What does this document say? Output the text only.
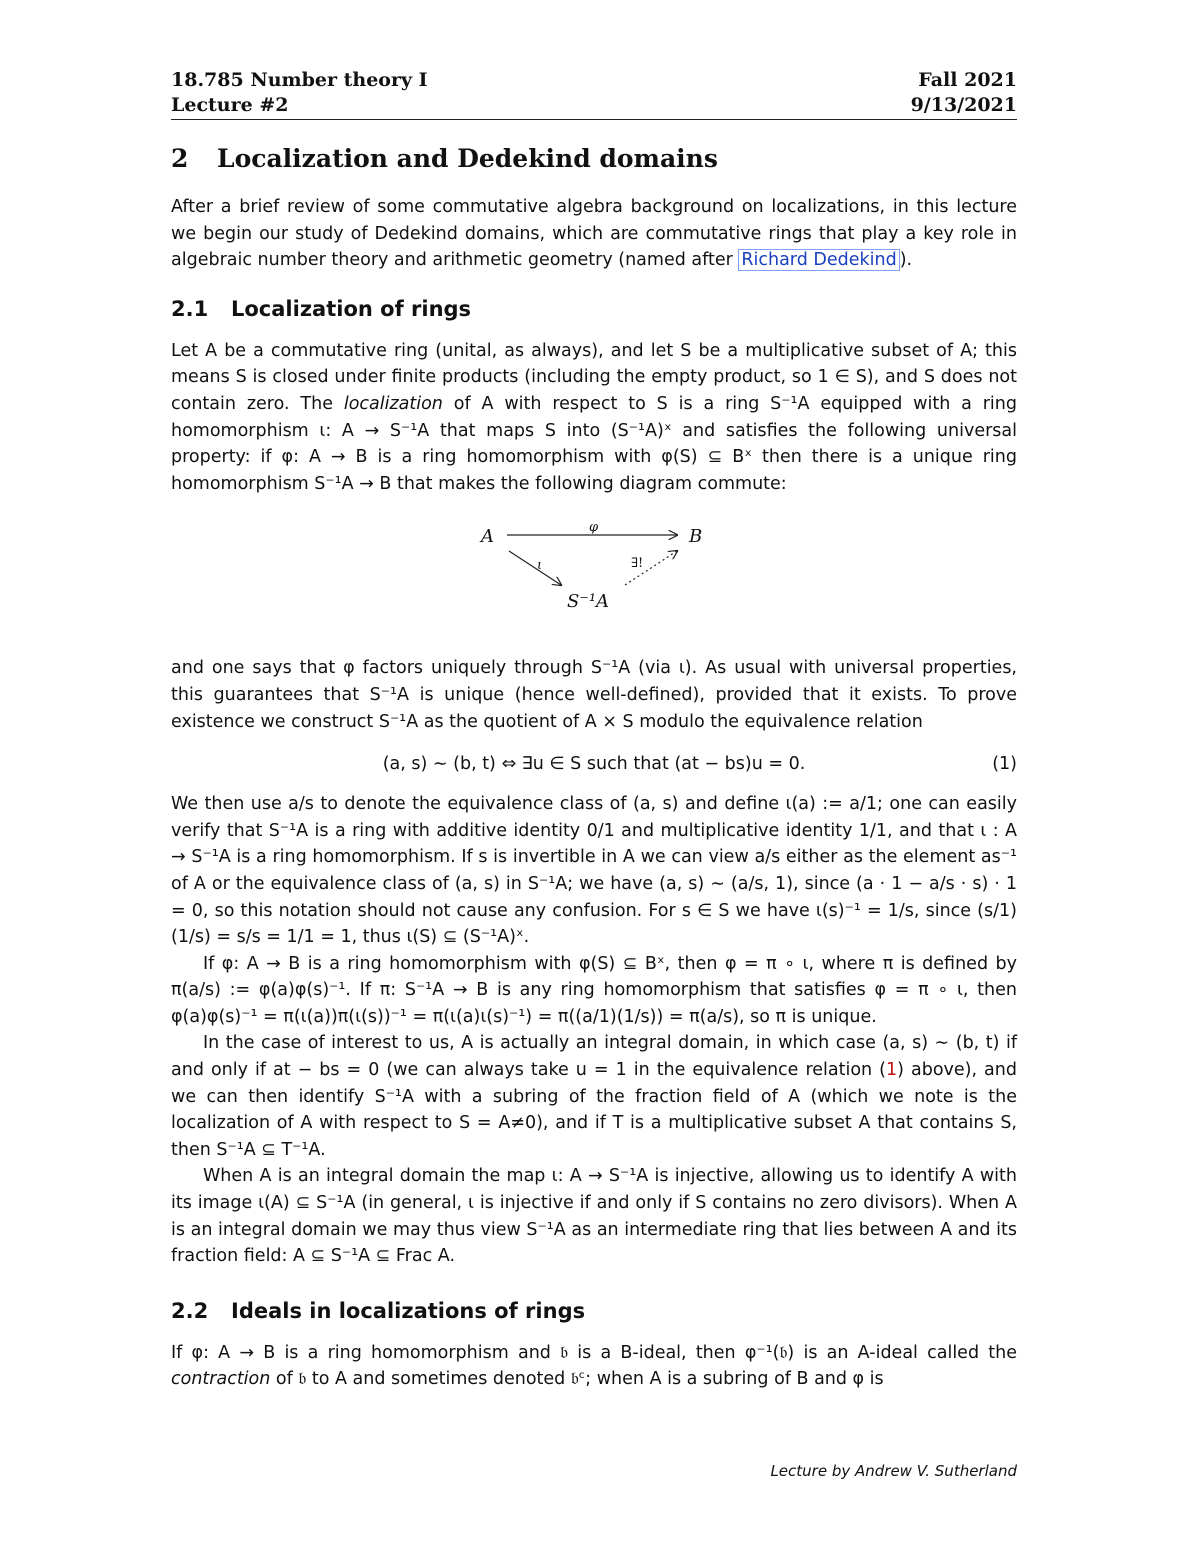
18.785 Number theory I	Fall 2021
Lecture #2	9/13/2021
2 Localization and Dedekind domains

After a brief review of some commutative algebra background on localizations, in this lecture we begin our study of Dedekind domains, which are commutative rings that play a key role in algebraic number theory and arithmetic geometry (named after Richard Dedekind ).

2.1 Localization of rings

Let A be a commutative ring (unital, as always), and let S be a multiplicative subset of A; this means S is closed under finite products (including the empty product, so 1 ∈ S), and S does not contain zero. The localization of A with respect to S is a ring S⁻¹A equipped with a ring homomorphism ι: A → S⁻¹A that maps S into (S⁻¹A)ˣ and satisfies the following universal property: if φ: A → B is a ring homomorphism with φ(S) ⊆ Bˣ then there is a unique ring homomorphism S⁻¹A → B that makes the following diagram commute:

A	B
S⁻¹A
φ
ι	∃!

and one says that φ factors uniquely through S⁻¹A (via ι). As usual with universal properties, this guarantees that S⁻¹A is unique (hence well-defined), provided that it exists. To prove existence we construct S⁻¹A as the quotient of A × S modulo the equivalence relation

(a, s) ∼ (b, t) ⇔ ∃u ∈ S such that (at − bs)u = 0.	(1)

We then use a/s to denote the equivalence class of (a, s) and define ι(a) := a/1; one can easily verify that S⁻¹A is a ring with additive identity 0/1 and multiplicative identity 1/1, and that ι : A → S⁻¹A is a ring homomorphism. If s is invertible in A we can view a/s either as the element as⁻¹ of A or the equivalence class of (a, s) in S⁻¹A; we have (a, s) ∼ (a/s, 1), since (a · 1 − a/s · s) · 1 = 0, so this notation should not cause any confusion. For s ∈ S we have ι(s)⁻¹ = 1/s, since (s/1)(1/s) = s/s = 1/1 = 1, thus ι(S) ⊆ (S⁻¹A)ˣ.

If φ: A → B is a ring homomorphism with φ(S) ⊆ Bˣ, then φ = π ∘ ι, where π is defined by π(a/s) := φ(a)φ(s)⁻¹. If π: S⁻¹A → B is any ring homomorphism that satisfies φ = π ∘ ι, then φ(a)φ(s)⁻¹ = π(ι(a))π(ι(s))⁻¹ = π(ι(a)ι(s)⁻¹) = π((a/1)(1/s)) = π(a/s), so π is unique.

In the case of interest to us, A is actually an integral domain, in which case (a, s) ∼ (b, t) if and only if at − bs = 0 (we can always take u = 1 in the equivalence relation (1) above), and we can then identify S⁻¹A with a subring of the fraction field of A (which we note is the localization of A with respect to S = A≠0), and if T is a multiplicative subset A that contains S, then S⁻¹A ⊆ T⁻¹A.

When A is an integral domain the map ι: A → S⁻¹A is injective, allowing us to identify A with its image ι(A) ⊆ S⁻¹A (in general, ι is injective if and only if S contains no zero divisors). When A is an integral domain we may thus view S⁻¹A as an intermediate ring that lies between A and its fraction field: A ⊆ S⁻¹A ⊆ Frac A.

2.2 Ideals in localizations of rings

If φ: A → B is a ring homomorphism and 𝔟 is a B-ideal, then φ⁻¹(𝔟) is an A-ideal called the contraction of 𝔟 to A and sometimes denoted 𝔟ᶜ; when A is a subring of B and φ is

Lecture by Andrew V. Sutherland
